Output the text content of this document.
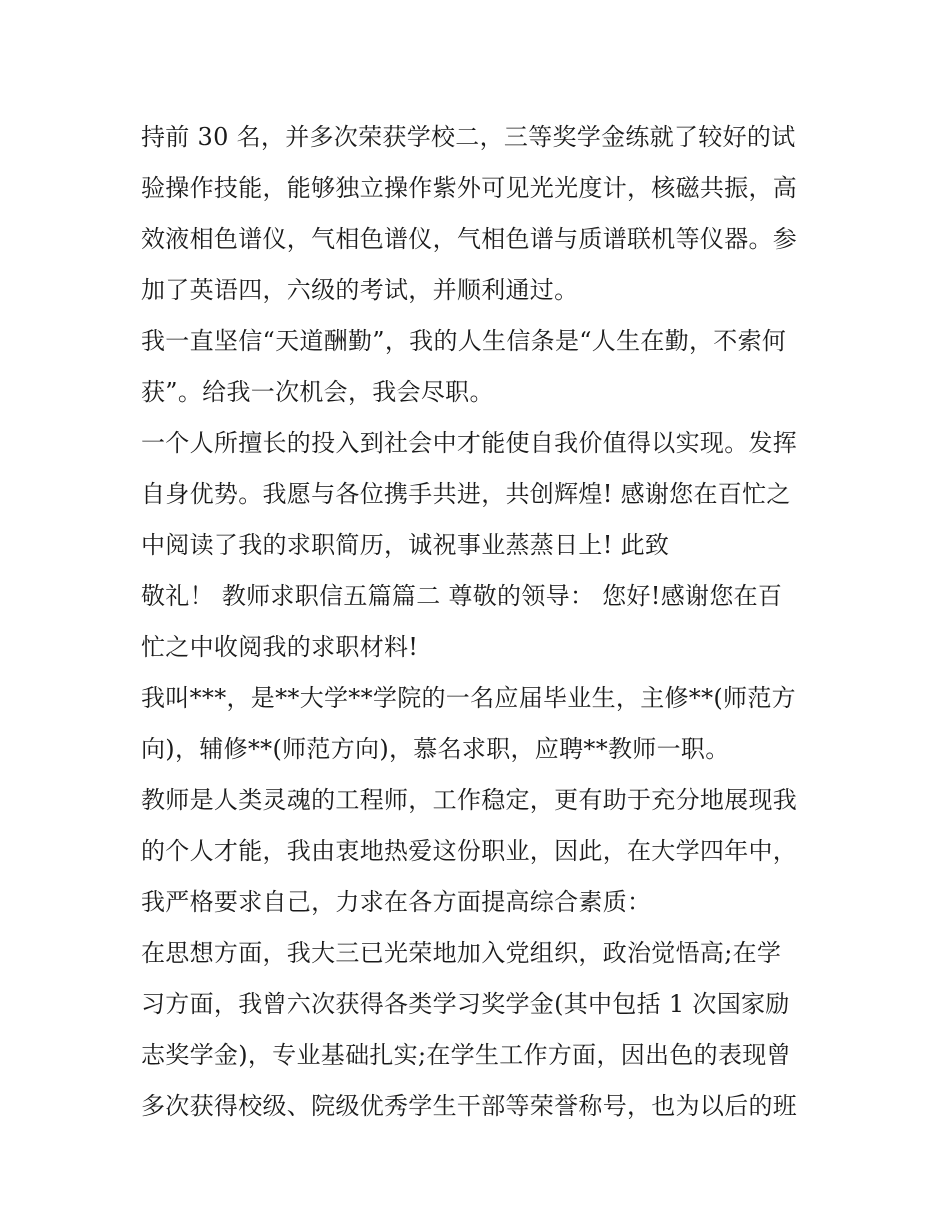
持前 30 名，并多次荣获学校二，三等奖学金练就了较好的试
验操作技能，能够独立操作紫外可见光光度计，核磁共振，高
效液相色谱仪，气相色谱仪，气相色谱与质谱联机等仪器。参
加了英语四，六级的考试，并顺利通过。
我一直坚信“天道酬勤”，我的人生信条是“人生在勤，不索何
获”。给我一次机会，我会尽职。
一个人所擅长的投入到社会中才能使自我价值得以实现。发挥
自身优势。我愿与各位携手共进，共创辉煌! 感谢您在百忙之
中阅读了我的求职简历，诚祝事业蒸蒸日上! 此致
敬礼！ 教师求职信五篇篇二 尊敬的领导： 您好!感谢您在百
忙之中收阅我的求职材料!
我叫***，是**大学**学院的一名应届毕业生，主修**(师范方
向)，辅修**(师范方向)，慕名求职，应聘**教师一职。
教师是人类灵魂的工程师，工作稳定，更有助于充分地展现我
的个人才能，我由衷地热爱这份职业，因此，在大学四年中，
我严格要求自己，力求在各方面提高综合素质：
在思想方面，我大三已光荣地加入党组织，政治觉悟高;在学
习方面，我曾六次获得各类学习奖学金(其中包括 1 次国家励
志奖学金)，专业基础扎实;在学生工作方面，因出色的表现曾
多次获得校级、院级优秀学生干部等荣誉称号，也为以后的班
